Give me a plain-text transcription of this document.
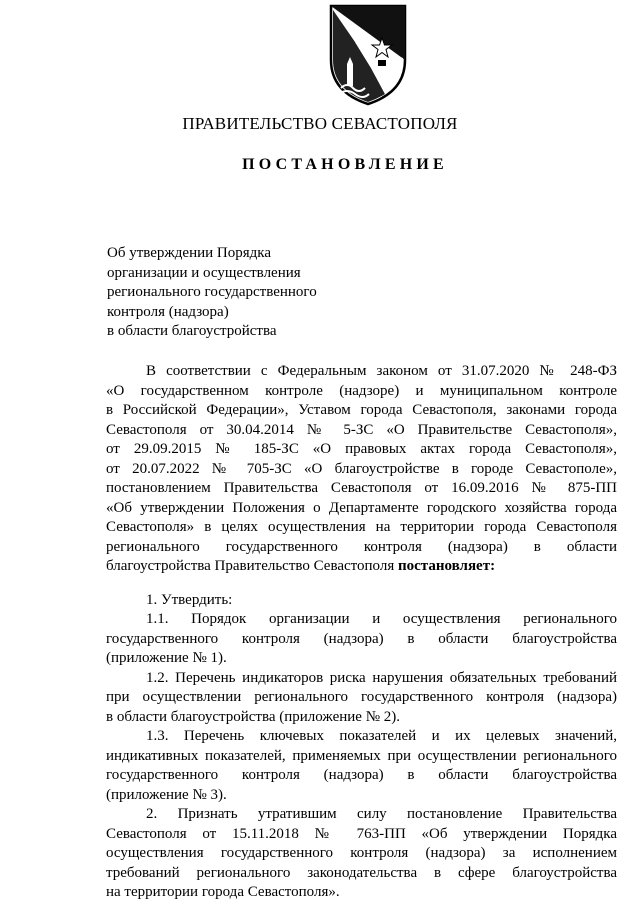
ПРАВИТЕЛЬСТВО СЕВАСТОПОЛЯ
ПОСТАНОВЛЕНИЕ
Об утверждении Порядка
организации и осуществления
регионального государственного
контроля (надзора)
в области благоустройства
В соответствии с Федеральным законом от 31.07.2020 № 248-ФЗ
«О государственном контроле (надзоре) и муниципальном контроле
в Российской Федерации», Уставом города Севастополя, законами города
Севастополя от 30.04.2014 № 5-ЗС «О Правительстве Севастополя»,
от 29.09.2015 № 185-ЗС «О правовых актах города Севастополя»,
от 20.07.2022 № 705-ЗС «О благоустройстве в городе Севастополе»,
постановлением Правительства Севастополя от 16.09.2016 № 875-ПП
«Об утверждении Положения о Департаменте городского хозяйства города
Севастополя» в целях осуществления на территории города Севастополя
регионального государственного контроля (надзора) в области
благоустройства Правительство Севастополя постановляет:
1. Утвердить:
1.1. Порядок организации и осуществления регионального
государственного контроля (надзора) в области благоустройства
(приложение № 1).
1.2. Перечень индикаторов риска нарушения обязательных требований
при осуществлении регионального государственного контроля (надзора)
в области благоустройства (приложение № 2).
1.3. Перечень ключевых показателей и их целевых значений,
индикативных показателей, применяемых при осуществлении регионального
государственного контроля (надзора) в области благоустройства
(приложение № 3).
2. Признать утратившим силу постановление Правительства
Севастополя от 15.11.2018 № 763-ПП «Об утверждении Порядка
осуществления государственного контроля (надзора) за исполнением
требований регионального законодательства в сфере благоустройства
на территории города Севастополя».
